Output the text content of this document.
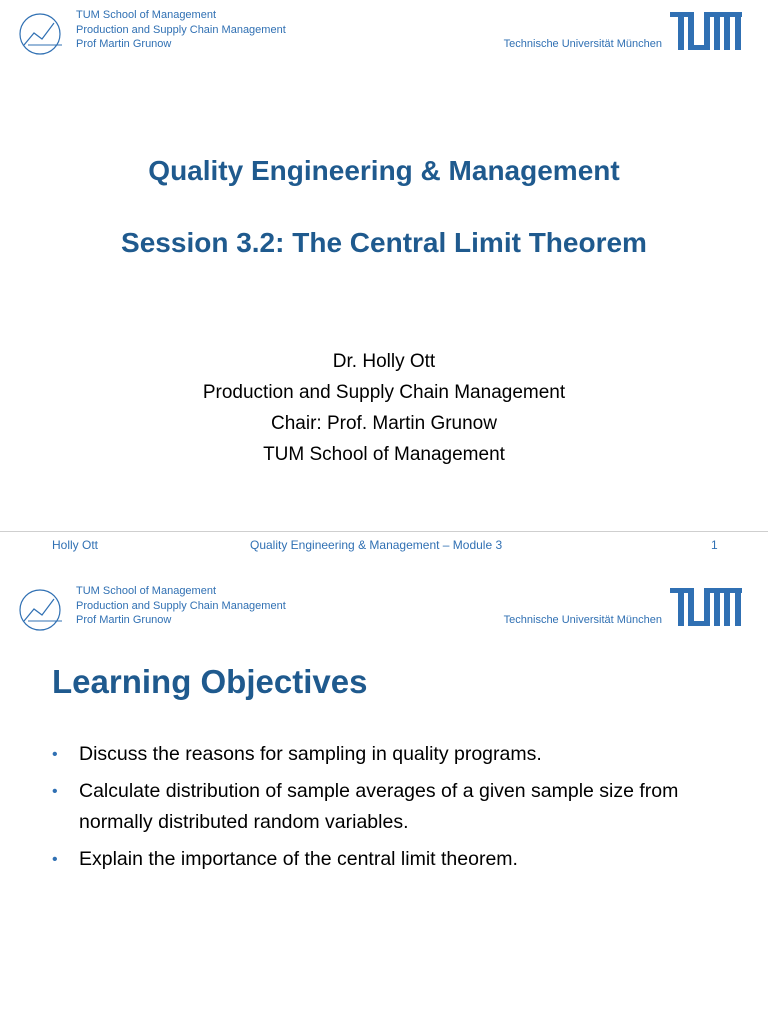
TUM School of Management
Production and Supply Chain Management
Prof Martin Grunow	Technische Universität München
Quality Engineering & Management
Session 3.2: The Central Limit Theorem
Dr. Holly Ott
Production and Supply Chain Management
Chair: Prof. Martin Grunow
TUM School of Management
Holly Ott	Quality Engineering & Management – Module 3	1
TUM School of Management
Production and Supply Chain Management
Prof Martin Grunow	Technische Universität München
Learning Objectives
• Discuss the reasons for sampling in quality programs.
• Calculate distribution of sample averages of a given sample size from normally distributed random variables.
• Explain the importance of the central limit theorem.
